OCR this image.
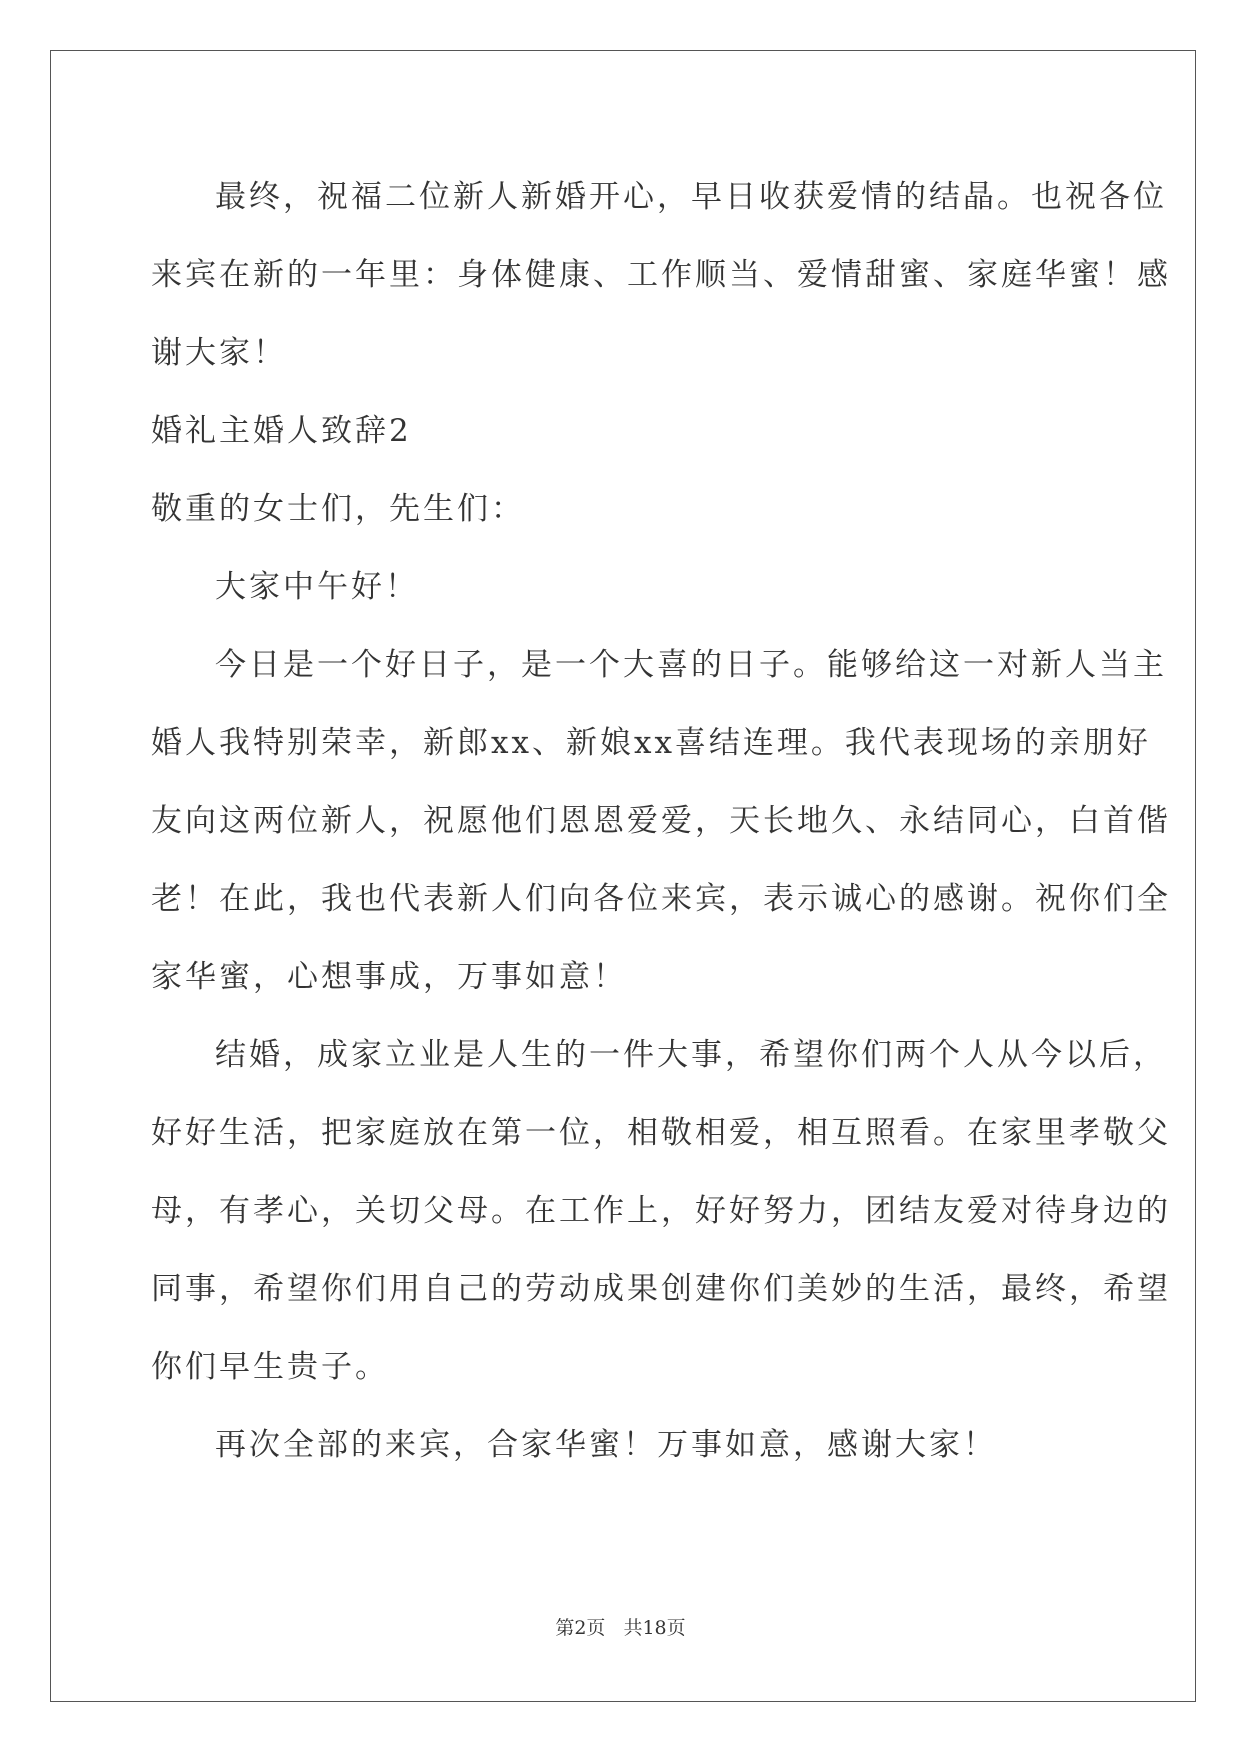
最终，祝福二位新人新婚开心，早日收获爱情的结晶。也祝各位

来宾在新的一年里：身体健康、工作顺当、爱情甜蜜、家庭华蜜！感

谢大家！

婚礼主婚人致辞2

敬重的女士们，先生们：

大家中午好！

今日是一个好日子，是一个大喜的日子。能够给这一对新人当主

婚人我特别荣幸，新郎xx、新娘xx喜结连理。我代表现场的亲朋好

友向这两位新人，祝愿他们恩恩爱爱，天长地久、永结同心，白首偕

老！在此，我也代表新人们向各位来宾，表示诚心的感谢。祝你们全

家华蜜，心想事成，万事如意！

结婚，成家立业是人生的一件大事，希望你们两个人从今以后，

好好生活，把家庭放在第一位，相敬相爱，相互照看。在家里孝敬父

母，有孝心，关切父母。在工作上，好好努力，团结友爱对待身边的

同事，希望你们用自己的劳动成果创建你们美妙的生活，最终，希望

你们早生贵子。

再次全部的来宾，合家华蜜！万事如意，感谢大家！

第2页 共18页
